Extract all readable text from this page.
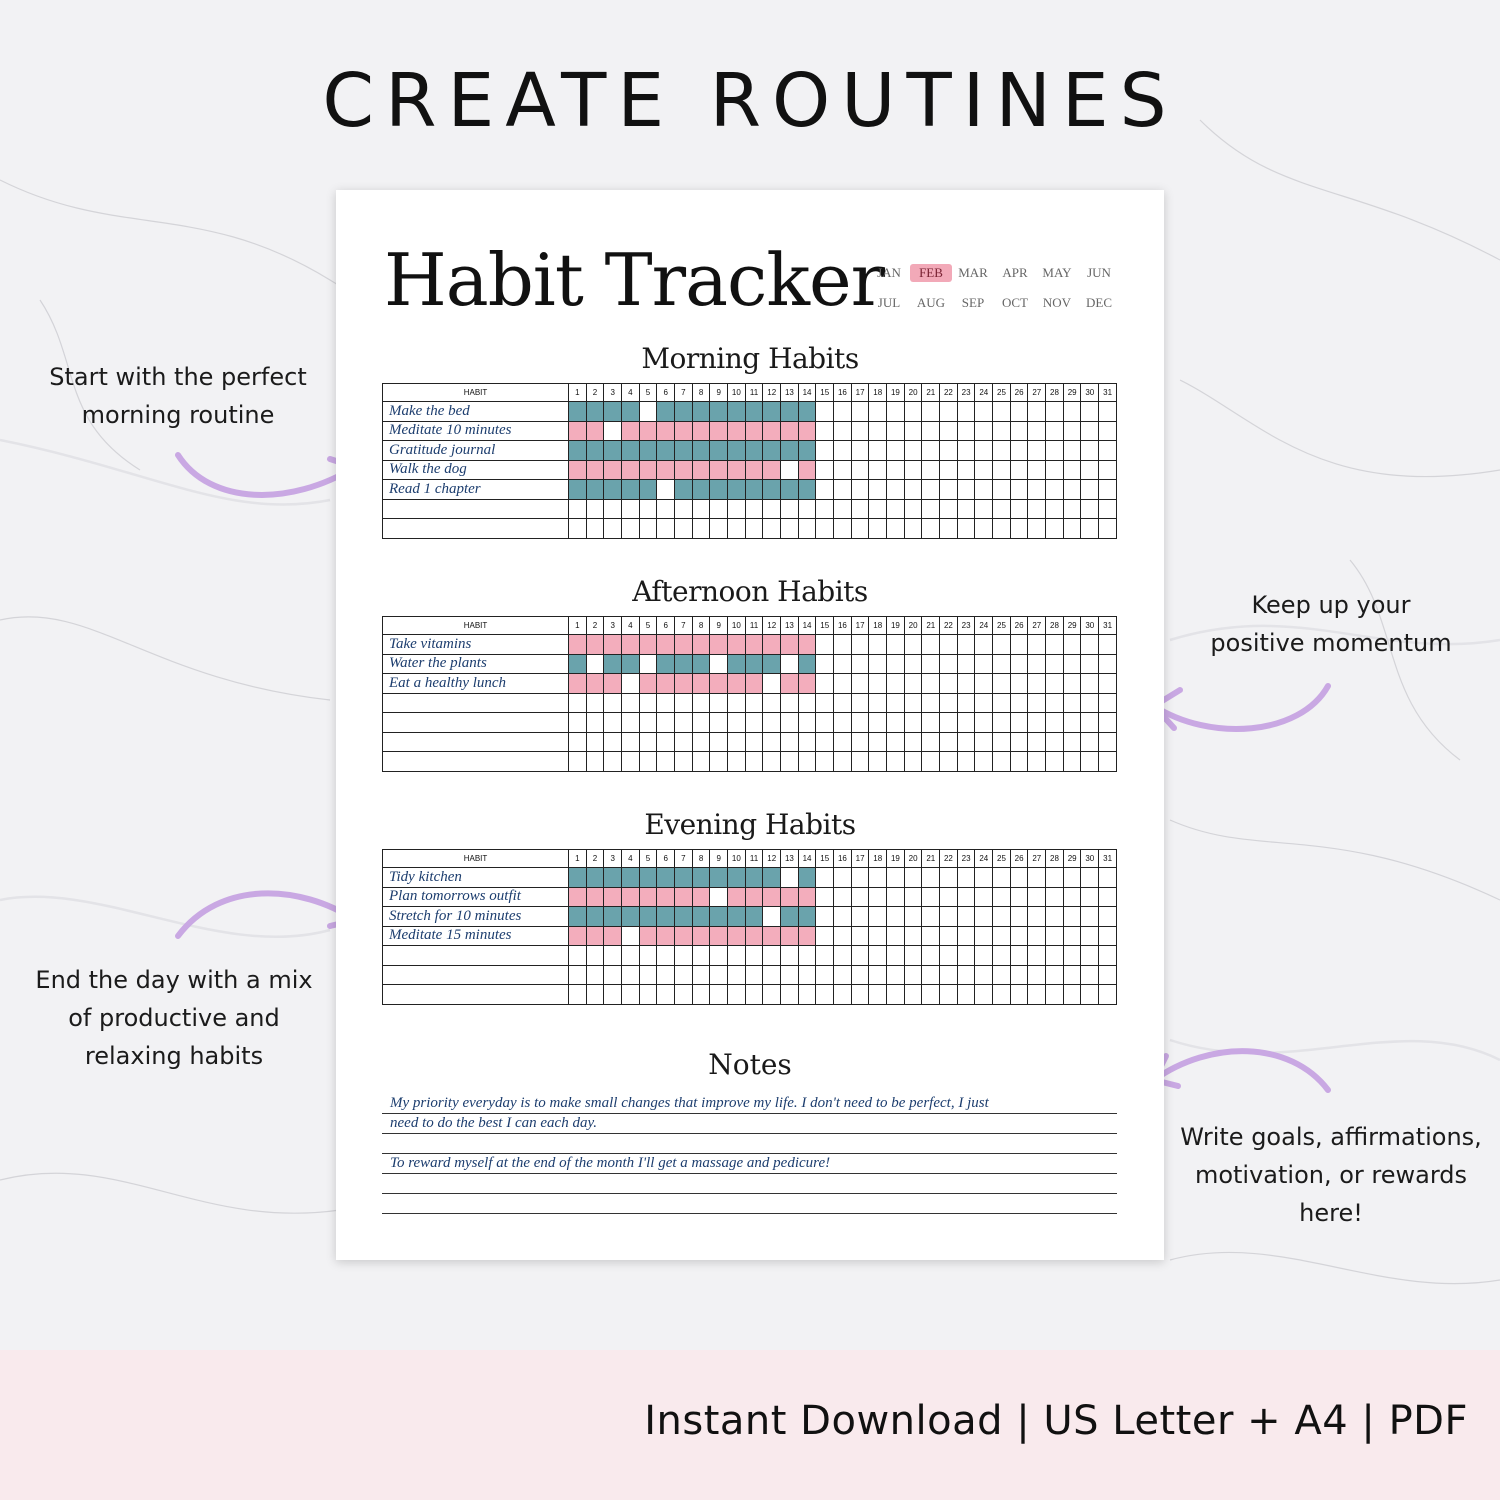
CREATE ROUTINES
Start with the perfect
morning routine
Keep up your
positive momentum
End the day with a mix
of productive and
relaxing habits
Write goals, affirmations,
motivation, or rewards
here!
Habit Tracker
JAN	FEB	MAR	APR	MAY	JUN
JUL	AUG	SEP	OCT	NOV	DEC
Morning Habits
HABIT	1	2	3	4	5	6	7	8	9	10	11	12	13	14	15	16	17	18	19	20	21	22	23	24	25	26	27	28	29	30	31
Make the bed																															
Meditate 10 minutes																															
Gratitude journal																															
Walk the dog																															
Read 1 chapter																															

Afternoon Habits
HABIT	1	2	3	4	5	6	7	8	9	10	11	12	13	14	15	16	17	18	19	20	21	22	23	24	25	26	27	28	29	30	31
Take vitamins																															
Water the plants																															
Eat a healthy lunch																															

Evening Habits
HABIT	1	2	3	4	5	6	7	8	9	10	11	12	13	14	15	16	17	18	19	20	21	22	23	24	25	26	27	28	29	30	31
Tidy kitchen																															
Plan tomorrows outfit																															
Stretch for 10 minutes																															
Meditate 15 minutes																															

Notes
My priority everyday is to make small changes that improve my life. I don't need to be perfect, I just
need to do the best I can each day.
To reward myself at the end of the month I'll get a massage and pedicure!
Instant Download | US Letter + A4 | PDF
